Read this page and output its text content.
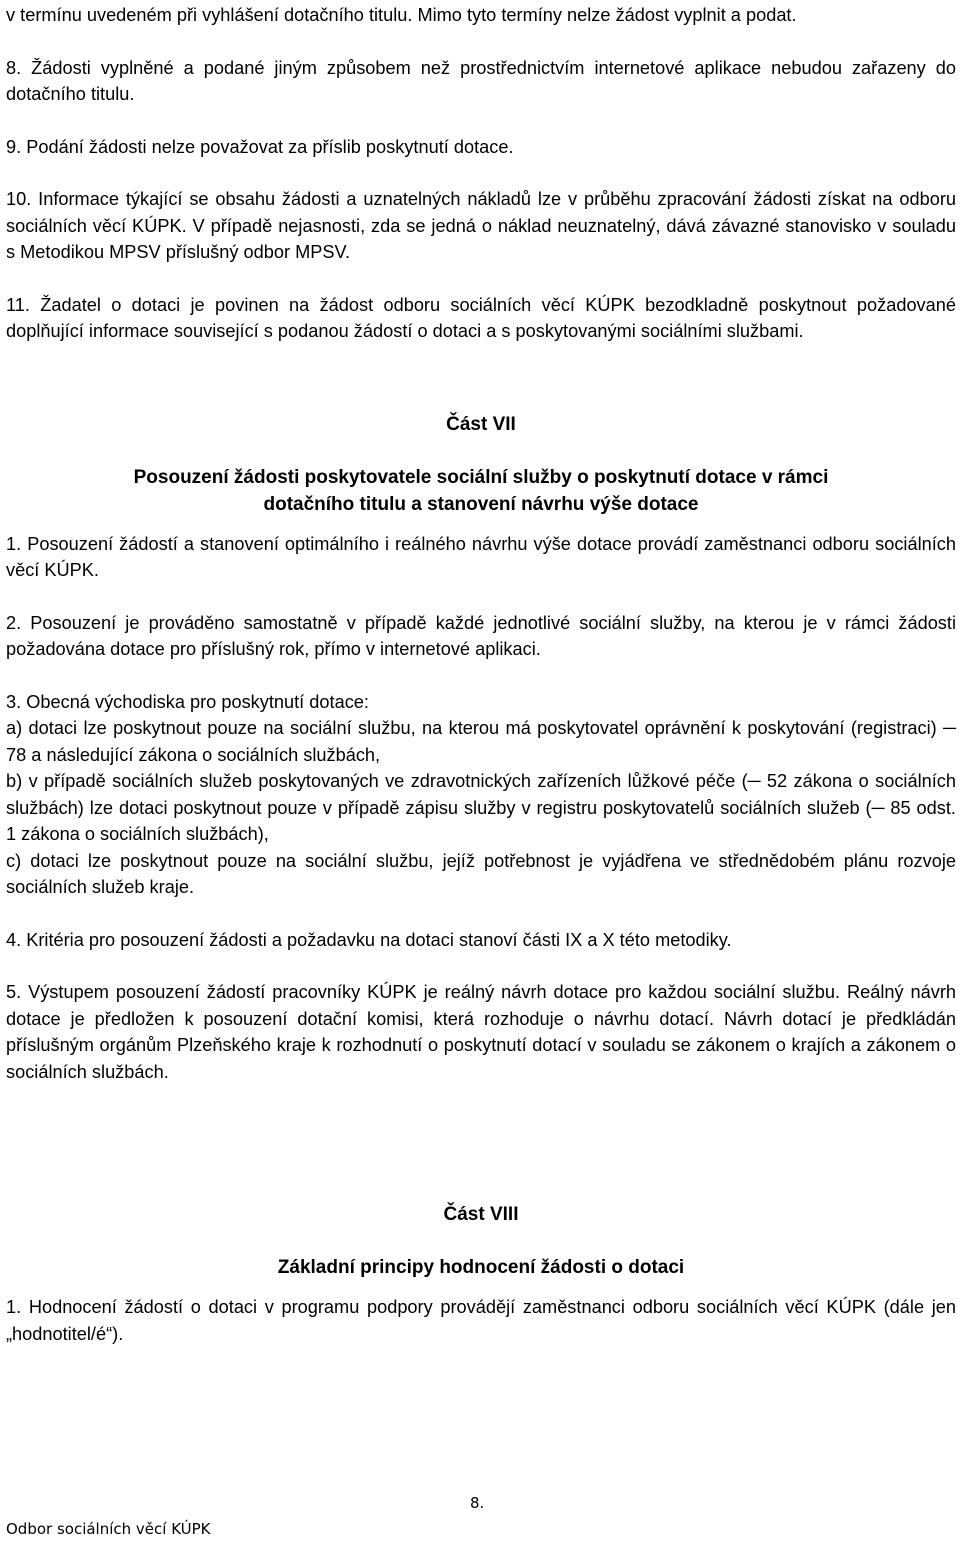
v termínu uvedeném při vyhlášení dotačního titulu. Mimo tyto termíny nelze žádost vyplnit a podat.

8. Žádosti vyplněné a podané jiným způsobem než prostřednictvím internetové aplikace nebudou zařazeny do dotačního titulu.

9. Podání žádosti nelze považovat za příslib poskytnutí dotace.

10. Informace týkající se obsahu žádosti a uznatelných nákladů lze v průběhu zpracování žádosti získat na odboru sociálních věcí KÚPK. V případě nejasnosti, zda se jedná o náklad neuznatelný, dává závazné stanovisko v souladu s Metodikou MPSV příslušný odbor MPSV.

11. Žadatel o dotaci je povinen na žádost odboru sociálních věcí KÚPK bezodkladně poskytnout požadované doplňující informace související s podanou žádostí o dotaci a s poskytovanými sociálními službami.

Část VII

Posouzení žádosti poskytovatele sociální služby o poskytnutí dotace v rámci

dotačního titulu a stanovení návrhu výše dotace

1. Posouzení žádostí a stanovení optimálního i reálného návrhu výše dotace provádí zaměstnanci odboru sociálních věcí KÚPK.

2. Posouzení je prováděno samostatně v případě každé jednotlivé sociální služby, na kterou je v rámci žádosti požadována dotace pro příslušný rok, přímo v internetové aplikaci.

3. Obecná východiska pro poskytnutí dotace:

a) dotaci lze poskytnout pouze na sociální službu, na kterou má poskytovatel oprávnění k poskytování (registraci) ─ 78 a následující zákona o sociálních službách,

b) v případě sociálních služeb poskytovaných ve zdravotnických zařízeních lůžkové péče (─ 52 zákona o sociálních službách) lze dotaci poskytnout pouze v případě zápisu služby v registru poskytovatelů sociálních služeb (─ 85 odst. 1 zákona o sociálních službách),

c) dotaci lze poskytnout pouze na sociální službu, jejíž potřebnost je vyjádřena ve střednědobém plánu rozvoje sociálních služeb kraje.

4. Kritéria pro posouzení žádosti a požadavku na dotaci stanoví části IX a X této metodiky.

5. Výstupem posouzení žádostí pracovníky KÚPK je reálný návrh dotace pro každou sociální službu. Reálný návrh dotace je předložen k posouzení dotační komisi, která rozhoduje o návrhu dotací. Návrh dotací je předkládán příslušným orgánům Plzeňského kraje k rozhodnutí o poskytnutí dotací v souladu se zákonem o krajích a zákonem o sociálních službách.

Část VIII

Základní principy hodnocení žádosti o dotaci

1. Hodnocení žádostí o dotaci v programu podpory provádějí zaměstnanci odboru sociálních věcí KÚPK (dále jen „hodnotitel/é“).

8.
Odbor sociálních věcí KÚPK
